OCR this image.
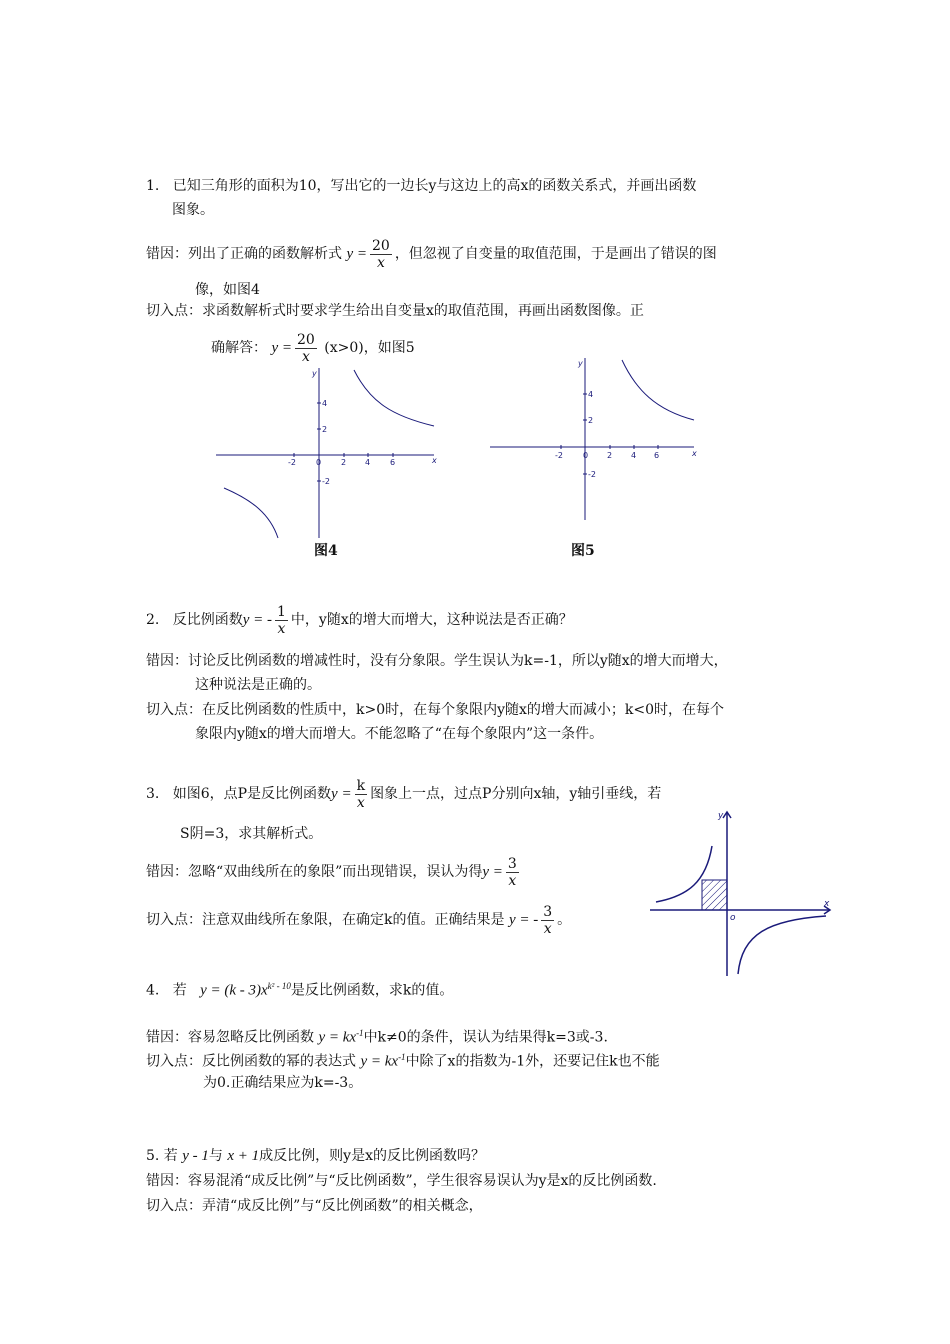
1. 已知三角形的面积为10，写出它的一边长y与这边上的高x的函数关系式，并画出函数
图象。
错因：列出了正确的函数解析式 $y = \frac{20}{x}$ ，但忽视了自变量的取值范围，于是画出了错误的图
像，如图4
切入点：求函数解析式时要求学生给出自变量x的取值范围，再画出函数图像。正
确解答： $y = \frac{20}{x} (x>0)$，如图5
-2	0 2 4 6
4
2
-2
x
y
图4
-2	0 2 4 6
4
2
-2
x
y
图5
2. 反比例函数y = - $\frac{1}{x}$ 中，y随x的增大而增大，这种说法是否正确？
错因：讨论反比例函数的增减性时，没有分象限。学生误认为k=-1，所以y随x的增大而增大，
这种说法是正确的。
切入点：在反比例函数的性质中，k>0时，在每个象限内y随x的增大而减小；k<0时，在每个
象限内y随x的增大而增大。不能忽略了“在每个象限内”这一条件。
3. 如图6，点P是反比例函数$y = \frac{k}{x}$ 图象上一点，过点P分别向x轴，y轴引垂线，若
S阴=3，求其解析式。
错因：忽略“双曲线所在的象限”而出现错误，误认为得$y = \frac{3}{x}$
切入点：注意双曲线所在象限，在确定k的值。正确结果是 y = - $\frac{3}{x}$ 。	o
x
y
4. 若 $y = (k - 3)x^{k^2 - 10}$是反比例函数，求k的值。
错因：容易忽略反比例函数 $y = kx^{-1}$中k≠0的条件，误认为结果得k=3或-3.
切入点：反比例函数的幂的表达式 $y = kx^{-1}$中除了x的指数为-1外，还要记住k也不能
为0.正确结果应为k=-3。
5. 若 y - 1与 x + 1成反比例，则y是x的反比例函数吗？
错因：容易混淆“成反比例”与“反比例函数”，学生很容易误认为y是x的反比例函数.
切入点：弄清“成反比例”与“反比例函数”的相关概念，
